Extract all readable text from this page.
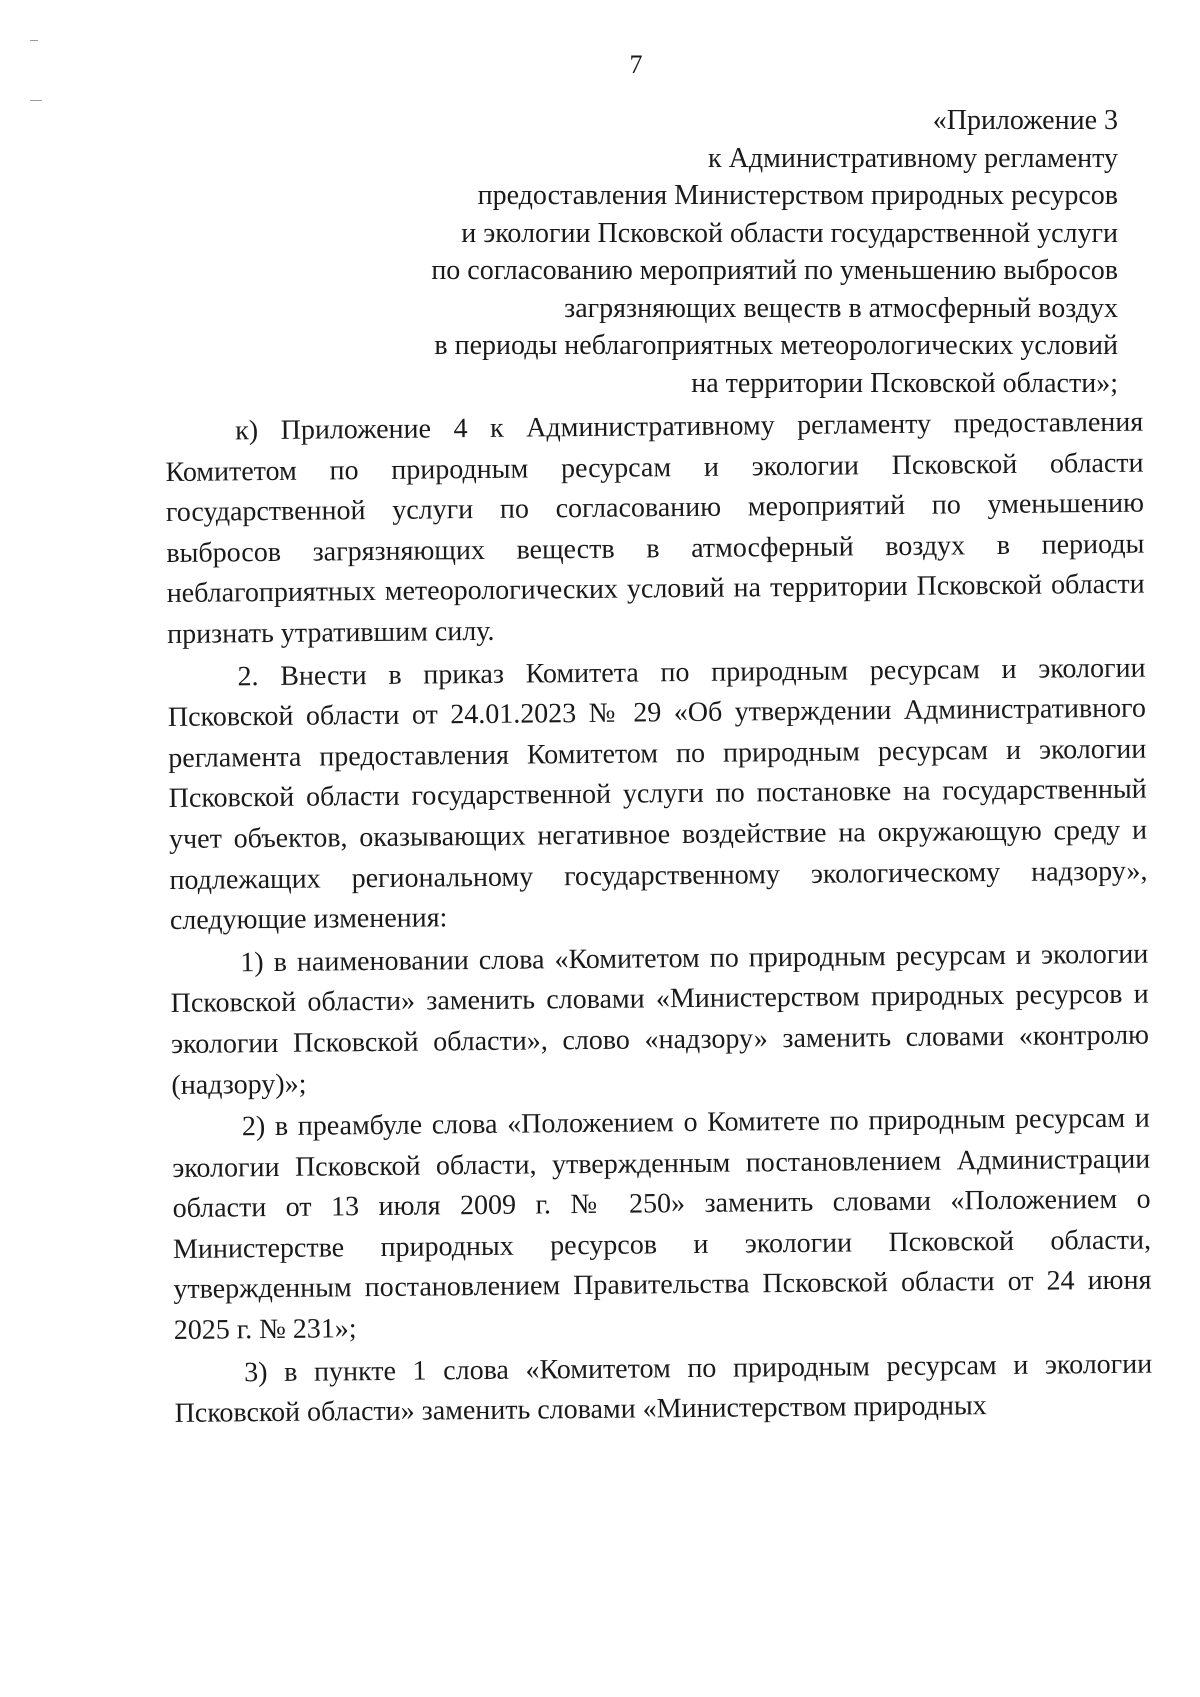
7
«Приложение 3
к Административному регламенту
предоставления Министерством природных ресурсов
и экологии Псковской области государственной услуги
по согласованию мероприятий по уменьшению выбросов
загрязняющих веществ в атмосферный воздух
в периоды неблагоприятных метеорологических условий
на территории Псковской области»;

к) Приложение 4 к Административному регламенту предоставления Комитетом по природным ресурсам и экологии Псковской области государственной услуги по согласованию мероприятий по уменьшению выбросов загрязняющих веществ в атмосферный воздух в периоды неблагоприятных метеорологических условий на территории Псковской области признать утратившим силу.

2. Внести в приказ Комитета по природным ресурсам и экологии Псковской области от 24.01.2023 № 29 «Об утверждении Административного регламента предоставления Комитетом по природным ресурсам и экологии Псковской области государственной услуги по постановке на государственный учет объектов, оказывающих негативное воздействие на окружающую среду и подлежащих региональному государственному экологическому надзору», следующие изменения:

1) в наименовании слова «Комитетом по природным ресурсам и экологии Псковской области» заменить словами «Министерством природных ресурсов и экологии Псковской области», слово «надзору» заменить словами «контролю (надзору)»;

2) в преамбуле слова «Положением о Комитете по природным ресурсам и экологии Псковской области, утвержденным постановлением Администрации области от 13 июля 2009 г. № 250» заменить словами «Положением о Министерстве природных ресурсов и экологии Псковской области, утвержденным постановлением Правительства Псковской области от 24 июня 2025 г. № 231»;

3) в пункте 1 слова «Комитетом по природным ресурсам и экологии Псковской области» заменить словами «Министерством природных
